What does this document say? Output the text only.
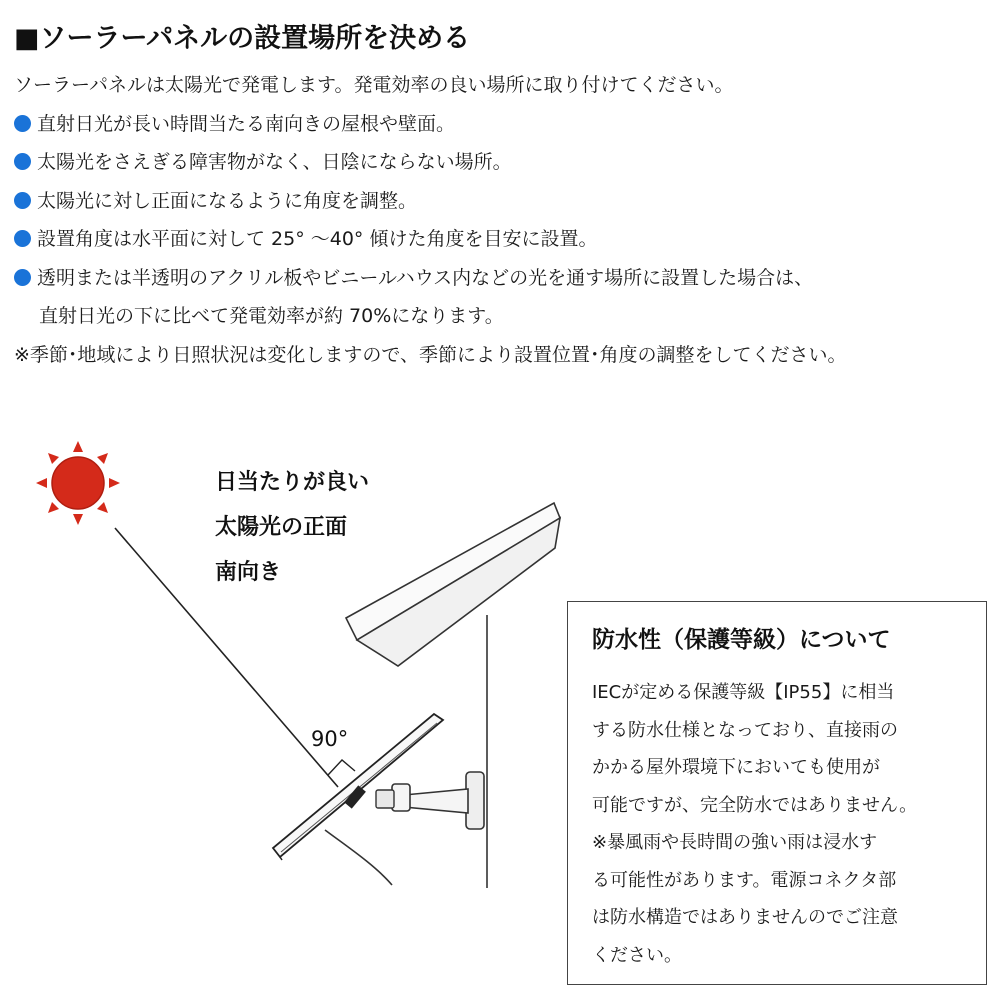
■ソーラーパネルの設置場所を決める
ソーラーパネルは太陽光で発電します。発電効率の良い場所に取り付けてください。
直射日光が長い時間当たる南向きの屋根や壁面。
太陽光をさえぎる障害物がなく、日陰にならない場所。
太陽光に対し正面になるように角度を調整。
設置角度は水平面に対して 25° ～40° 傾けた角度を目安に設置。
透明または半透明のアクリル板やビニールハウス内などの光を通す場所に設置した場合は、
直射日光の下に比べて発電効率が約 70%になります。
※季節･地域により日照状況は変化しますので、季節により設置位置･角度の調整をしてください。
日当たりが良い
太陽光の正面
南向き
90°
防水性（保護等級）について
IECが定める保護等級【IP55】に相当
する防水仕様となっており、直接雨の
かかる屋外環境下においても使用が
可能ですが、完全防水ではありません。
※暴風雨や長時間の強い雨は浸水す
る可能性があります。電源コネクタ部
は防水構造ではありませんのでご注意
ください。
